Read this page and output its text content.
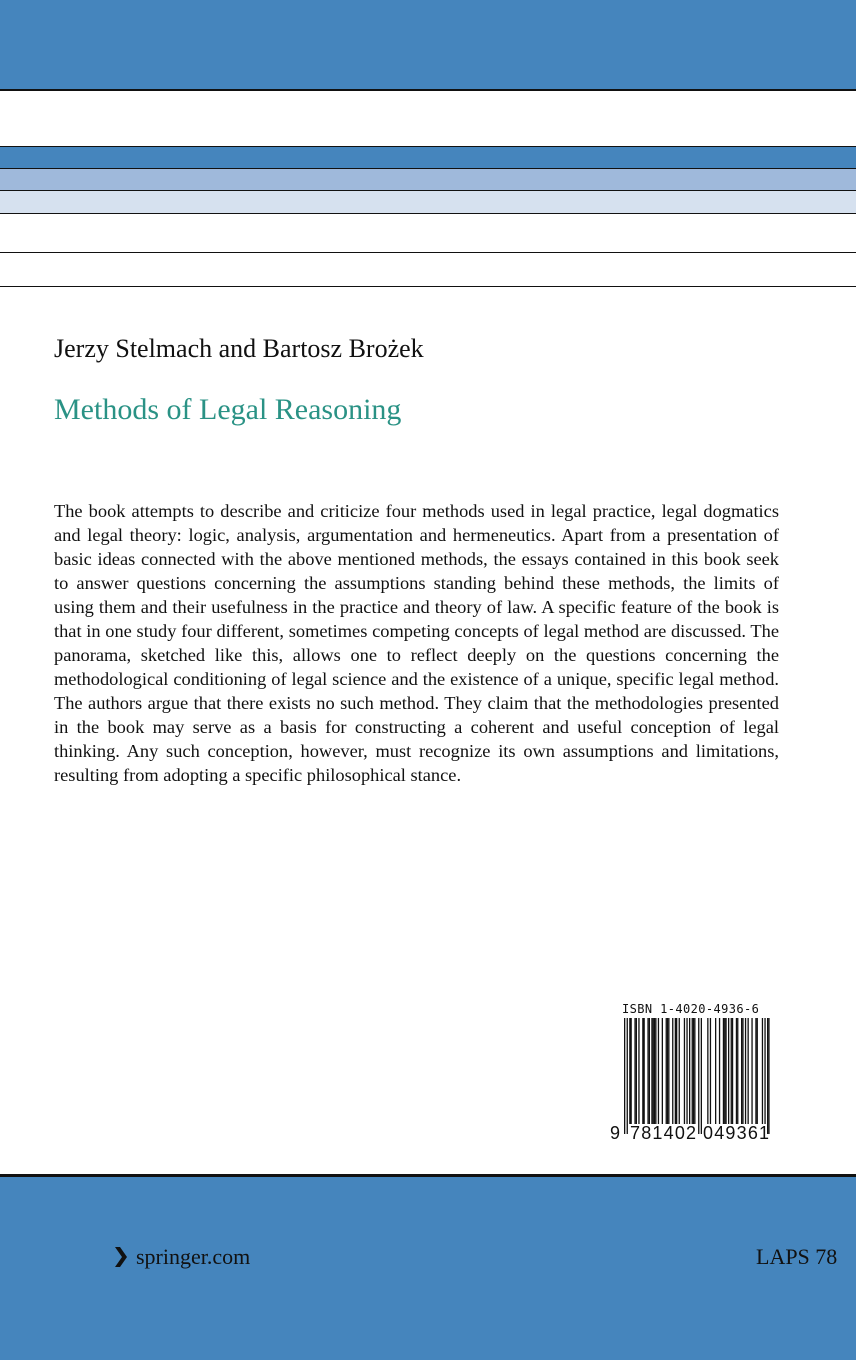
Jerzy Stelmach and Bartosz Brożek
Methods of Legal Reasoning

The book attempts to describe and criticize four methods used in legal practice, legal dogmatics and legal theory: logic, analysis, argumentation and hermeneutics. Apart from a presentation of basic ideas connected with the above mentioned methods, the essays contained in this book seek to answer questions concerning the assumptions standing behind these methods, the limits of using them and their usefulness in the practice and theory of law. A specific feature of the book is that in one study four different, sometimes competing concepts of legal method are discussed. The panorama, sketched like this, allows one to reflect deeply on the questions concerning the methodological conditioning of legal science and the existence of a unique, specific legal method. The authors argue that there exists no such method. They claim that the methodologies presented in the book may serve as a basis for constructing a coherent and useful conception of legal thinking. Any such conception, however, must recognize its own assumptions and limitations, resulting from adopting a specific philosophical stance.

ISBN 1-4020-4936-6
9 781402 049361
springer.com	LAPS 78
